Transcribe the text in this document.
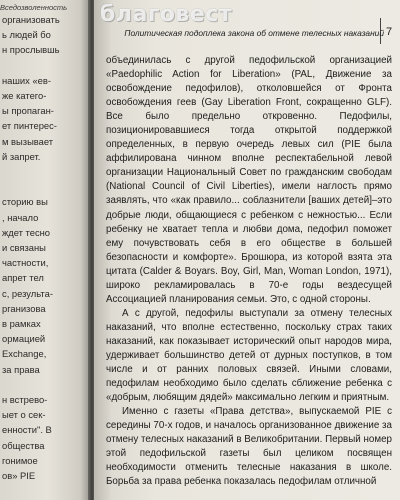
Вседозволенность
организовать
ь людей бо
н прослывшь
наших «ев-
же катего-
ы пропаган-
ет пинтерес-
м вызывает
й запрет.
сторию вы
, начало
ждет тесно
и связаны
частности,
апрет тел
с, результа-
рганизова
в рамках
ормацией
Exchange,
за права
н встрево-
ыет о сек-
енности". В
общества
гонимое
ов» PIE
Политическая подоплека закона об отмене телесных наказаний 7

объединилась с другой педофильской организацией «Paedophilic Action for Liberation» (PAL, Движение за освобождение педофилов), отколовшейся от Фронта освобождения геев (Gay Liberation Front, сокращенно GLF). Все было предельно откровенно. Педофилы, позиционировавшиеся тогда открытой поддержкой определенных, в первую очередь левых сил (PIE была аффилирована чинном вполне респектабельной левой организации Национальный Совет по гражданским свободам (National Council of Civil Liberties), имели наглость прямо заявлять, что «как правило... соблазнители [ваших детей]–это добрые люди, общающиеся с ребенком с нежностью... Если ребенку не хватает тепла и любви дома, педофил поможет ему почувствовать себя в его обществе в большей безопасности и комфорте». Брошюра, из которой взята эта цитата (Calder & Boyars. Boy, Girl, Man, Woman London, 1971), широко рекламировалась в 70-е годы вездесущей Ассоциацией планирования семьи. Это, с одной стороны.

А с другой, педофилы выступали за отмену телесных наказаний, что вполне естественно, поскольку страх таких наказаний, как показывает исторический опыт народов мира, удерживает большинство детей от дурных поступков, в том числе и от ранних половых связей. Иными словами, педофилам необходимо было сделать сближение ребенка с «добрым, любящим дядей» максимально легким и приятным.

Именно с газеты «Права детства», выпускаемой PIE с середины 70-х годов, и началось организованное движение за отмену телесных наказаний в Великобритании. Первый номер этой педофильской газеты был целиком посвящен необходимости отменить телесные наказания в школе. Борьба за права ребенка показалась педофилам отличной

благовест
